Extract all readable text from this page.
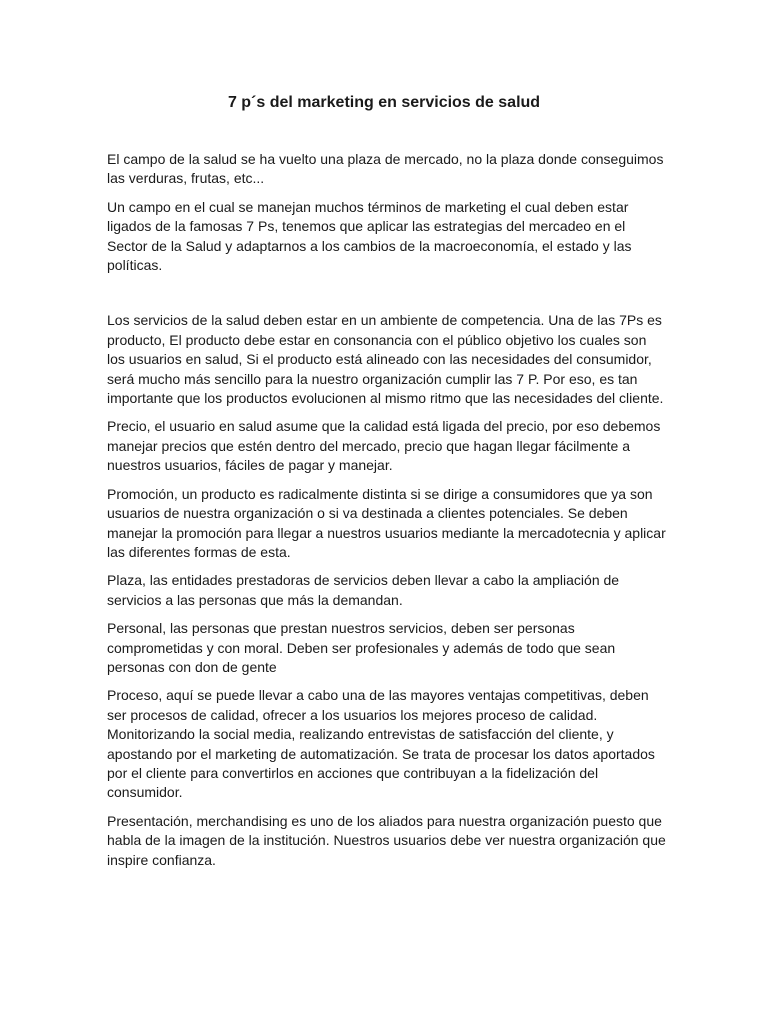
7 p´s del marketing en servicios de salud

El campo de la salud se ha vuelto una plaza de mercado, no la plaza donde conseguimos las verduras, frutas, etc...

Un campo en el cual se manejan muchos términos de marketing el cual deben estar ligados de la famosas 7 Ps, tenemos que aplicar las estrategias del mercadeo en el Sector de la Salud y adaptarnos a los cambios de la macroeconomía, el estado y las políticas.

Los servicios de la salud deben estar en un ambiente de competencia. Una de las 7Ps es producto, El producto debe estar en consonancia con el público objetivo los cuales son los usuarios en salud, Si el producto está alineado con las necesidades del consumidor, será mucho más sencillo para la nuestro organización cumplir las 7 P. Por eso, es tan importante que los productos evolucionen al mismo ritmo que las necesidades del cliente.

Precio, el usuario en salud asume que la calidad está ligada del precio, por eso debemos manejar precios que estén dentro del mercado, precio que hagan llegar fácilmente a nuestros usuarios, fáciles de pagar y manejar.

Promoción, un producto es radicalmente distinta si se dirige a consumidores que ya son usuarios de nuestra organización o si va destinada a clientes potenciales. Se deben manejar la promoción para llegar a nuestros usuarios mediante la mercadotecnia y aplicar las diferentes formas de esta.

Plaza, las entidades prestadoras de servicios deben llevar a cabo la ampliación de servicios a las personas que más la demandan.

Personal, las personas que prestan nuestros servicios, deben ser personas comprometidas y con moral. Deben ser profesionales y además de todo que sean personas con don de gente

Proceso, aquí se puede llevar a cabo una de las mayores ventajas competitivas, deben ser procesos de calidad, ofrecer a los usuarios los mejores proceso de calidad. Monitorizando la social media, realizando entrevistas de satisfacción del cliente, y apostando por el marketing de automatización. Se trata de procesar los datos aportados por el cliente para convertirlos en acciones que contribuyan a la fidelización del consumidor.

Presentación, merchandising es uno de los aliados para nuestra organización puesto que habla de la imagen de la institución. Nuestros usuarios debe ver nuestra organización que inspire confianza.
